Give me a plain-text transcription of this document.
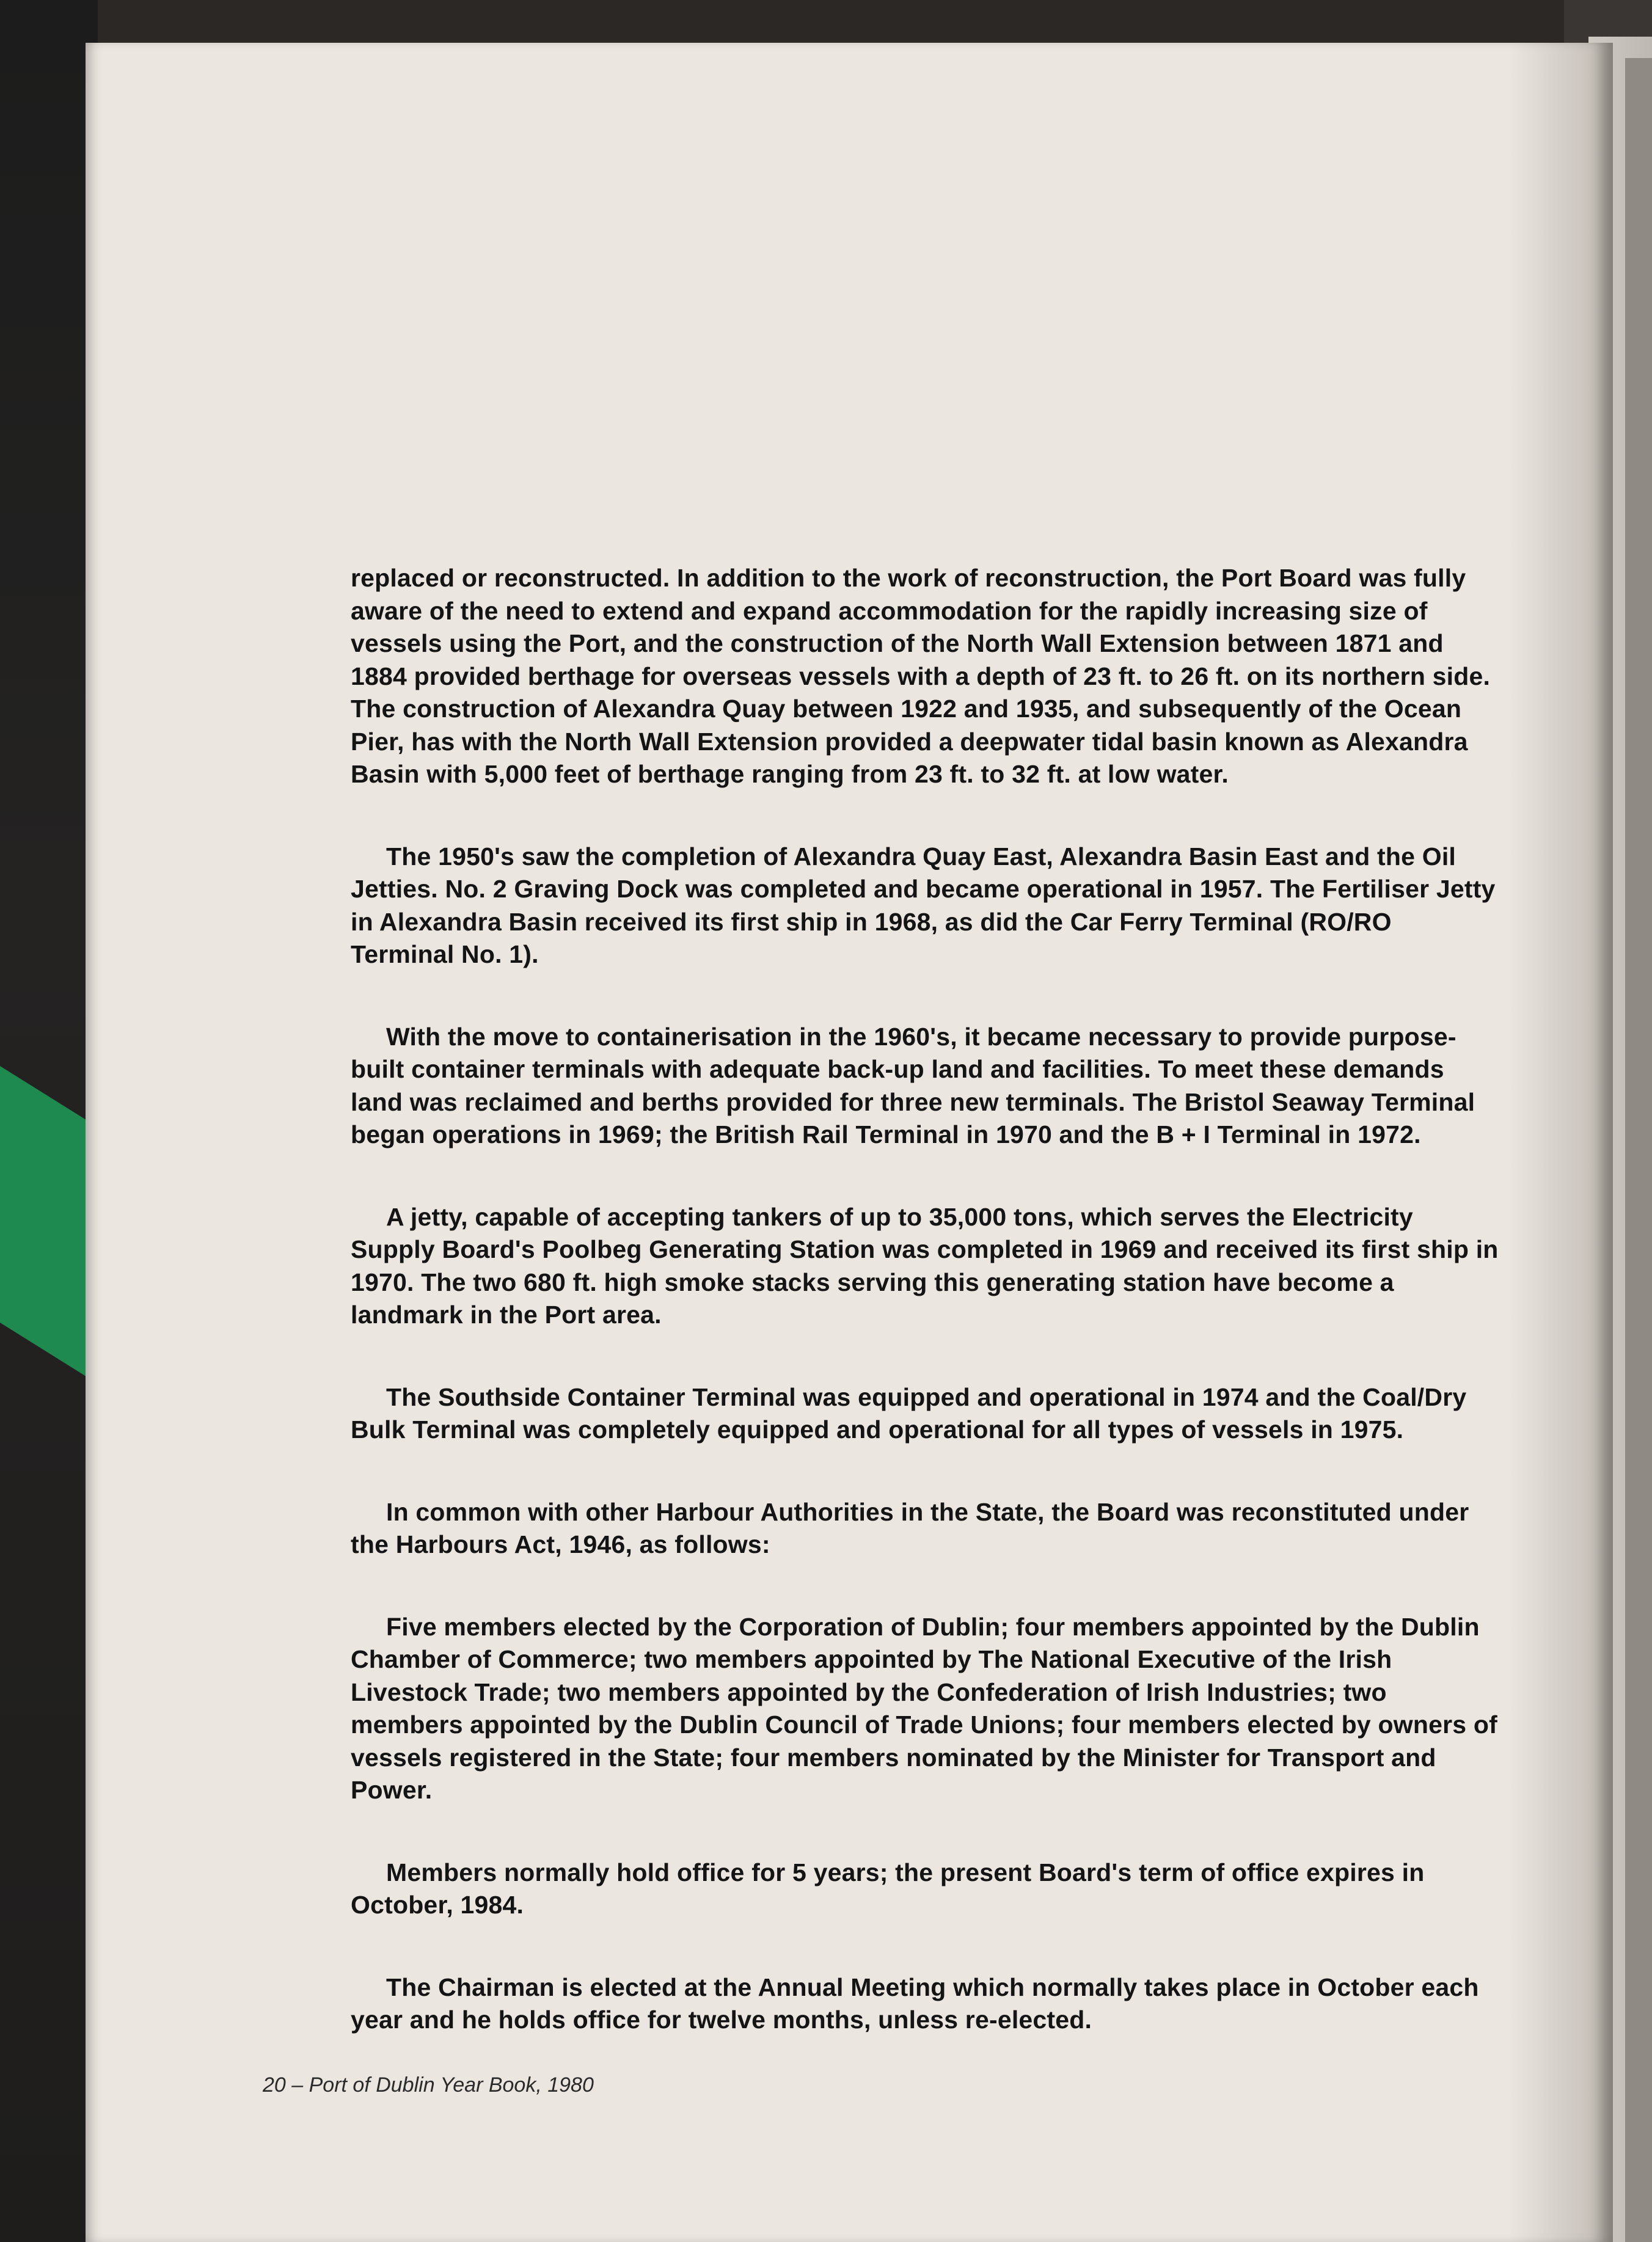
replaced or reconstructed. In addition to the work of reconstruction, the Port Board was fully aware of the need to extend and expand accommodation for the rapidly increasing size of vessels using the Port, and the construction of the North Wall Extension between 1871 and 1884 provided berthage for overseas vessels with a depth of 23 ft. to 26 ft. on its northern side. The construction of Alexandra Quay between 1922 and 1935, and subsequently of the Ocean Pier, has with the North Wall Extension provided a deepwater tidal basin known as Alexandra Basin with 5,000 feet of berthage ranging from 23 ft. to 32 ft. at low water.

The 1950's saw the completion of Alexandra Quay East, Alexandra Basin East and the Oil Jetties. No. 2 Graving Dock was completed and became operational in 1957. The Fertiliser Jetty in Alexandra Basin received its first ship in 1968, as did the Car Ferry Terminal (RO/RO Terminal No. 1).

With the move to containerisation in the 1960's, it became necessary to provide purpose-built container terminals with adequate back-up land and facilities. To meet these demands land was reclaimed and berths provided for three new terminals. The Bristol Seaway Terminal began operations in 1969; the British Rail Terminal in 1970 and the B + I Terminal in 1972.

A jetty, capable of accepting tankers of up to 35,000 tons, which serves the Electricity Supply Board's Poolbeg Generating Station was completed in 1969 and received its first ship in 1970. The two 680 ft. high smoke stacks serving this generating station have become a landmark in the Port area.

The Southside Container Terminal was equipped and operational in 1974 and the Coal/Dry Bulk Terminal was completely equipped and operational for all types of vessels in 1975.

In common with other Harbour Authorities in the State, the Board was reconstituted under the Harbours Act, 1946, as follows:

Five members elected by the Corporation of Dublin; four members appointed by the Dublin Chamber of Commerce; two members appointed by The National Executive of the Irish Livestock Trade; two members appointed by the Confederation of Irish Industries; two members appointed by the Dublin Council of Trade Unions; four members elected by owners of vessels registered in the State; four members nominated by the Minister for Transport and Power.

Members normally hold office for 5 years; the present Board's term of office expires in October, 1984.

The Chairman is elected at the Annual Meeting which normally takes place in October each year and he holds office for twelve months, unless re-elected.

20 – Port of Dublin Year Book, 1980
